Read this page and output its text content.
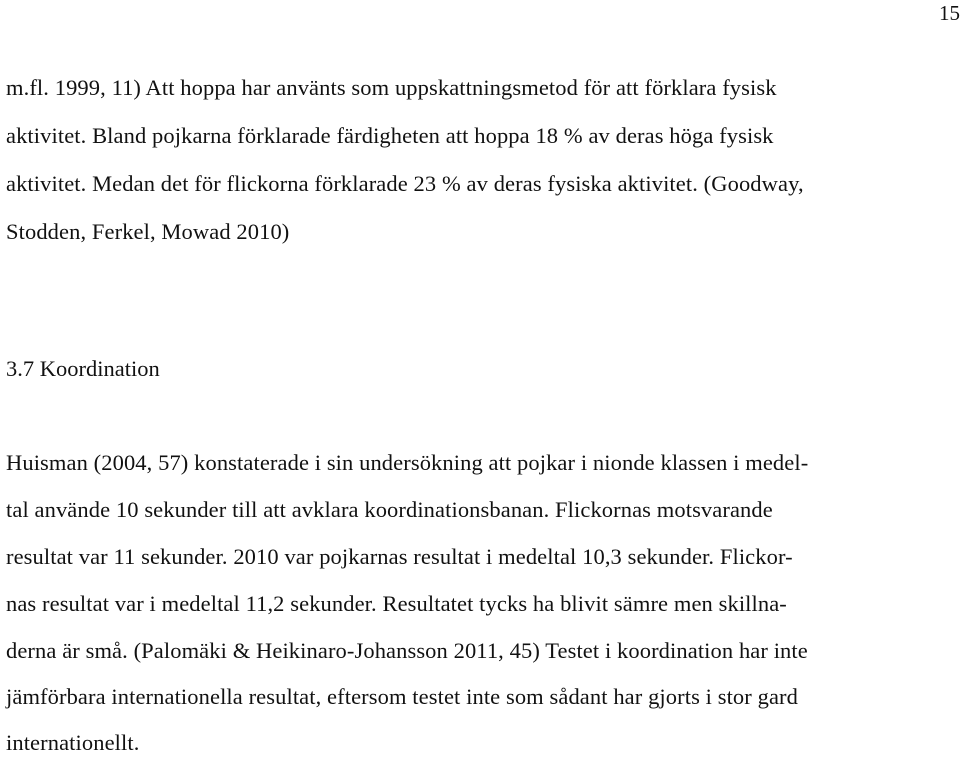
15
m.fl. 1999, 11) Att hoppa har använts som uppskattningsmetod för att förklara fysisk
aktivitet. Bland pojkarna förklarade färdigheten att hoppa 18 % av deras höga fysisk
aktivitet. Medan det för flickorna förklarade 23 % av deras fysiska aktivitet. (Goodway,
Stodden, Ferkel, Mowad 2010)
3.7 Koordination
Huisman (2004, 57) konstaterade i sin undersökning att pojkar i nionde klassen i medel-
tal använde 10 sekunder till att avklara koordinationsbanan. Flickornas motsvarande
resultat var 11 sekunder. 2010 var pojkarnas resultat i medeltal 10,3 sekunder. Flickor-
nas resultat var i medeltal 11,2 sekunder. Resultatet tycks ha blivit sämre men skillna-
derna är små. (Palomäki & Heikinaro-Johansson 2011, 45) Testet i koordination har inte
jämförbara internationella resultat, eftersom testet inte som sådant har gjorts i stor gard
internationellt.
